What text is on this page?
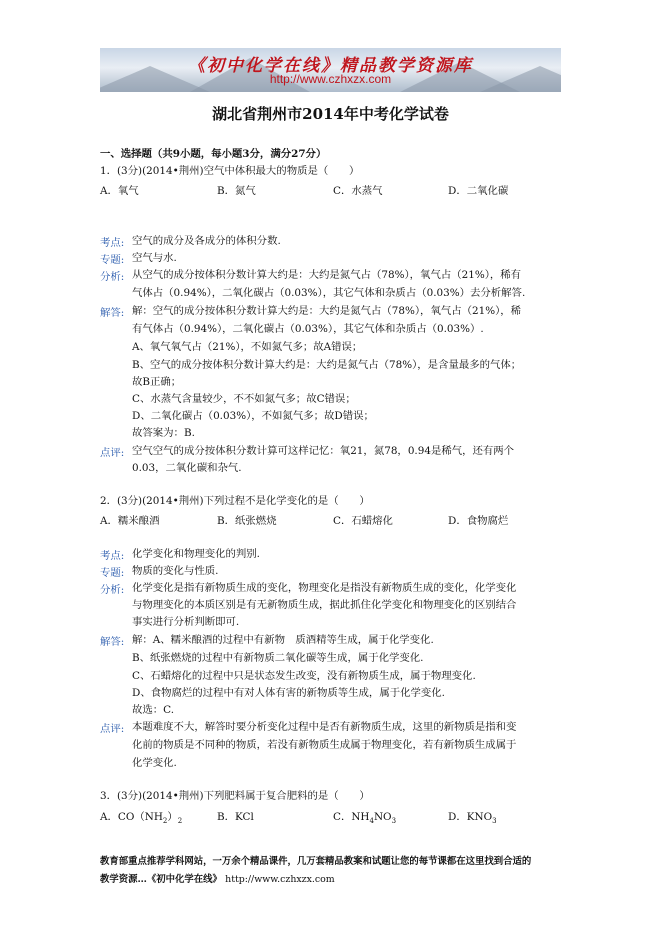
《初中化学在线》精品教学资源库
http://www.czhxzx.com
湖北省荆州市2014年中考化学试卷
一、选择题（共9小题，每小题3分，满分27分）
1．(3分)(2014•荆州)空气中体积最大的物质是（　　）
A．氧气	B．氮气	C．水蒸气	D．二氧化碳
考点: 空气的成分及各成分的体积分数.
专题: 空气与水.
分析: 从空气的成分按体积分数计算大约是：大约是氮气占（78%），氧气占（21%），稀有
气体占（0.94%），二氧化碳占（0.03%），其它气体和杂质占（0.03%）去分析解答.
解答: 解：空气的成分按体积分数计算大约是：大约是氮气占（78%），氧气占（21%），稀
有气体占（0.94%），二氧化碳占（0.03%），其它气体和杂质占（0.03%）.
A、氧气氧气占（21%），不如氮气多；故A错误；
B、空气的成分按体积分数计算大约是：大约是氮气占（78%），是含量最多的气体；
故B正确；
C、水蒸气含量较少，不不如氮气多；故C错误；
D、二氧化碳占（0.03%），不如氮气多；故D错误；
故答案为：B.
点评: 空气空气的成分按体积分数计算可这样记忆：氧21，氮78，0.94是稀气，还有两个
0.03，二氧化碳和杂气.
2．(3分)(2014•荆州)下列过程不是化学变化的是（　　）
A．糯米酿酒	B．纸张燃烧	C．石蜡熔化	D．食物腐烂
考点: 化学变化和物理变化的判别.
专题: 物质的变化与性质.
分析: 化学变化是指有新物质生成的变化，物理变化是指没有新物质生成的变化，化学变化
与物理变化的本质区别是有无新物质生成，据此抓住化学变化和物理变化的区别结合
事实进行分析判断即可.
解答: 解：A、糯米酿酒的过程中有新物　质酒精等生成，属于化学变化.
B、纸张燃烧的过程中有新物质二氧化碳等生成，属于化学变化.
C、石蜡熔化的过程中只是状态发生改变，没有新物质生成，属于物理变化.
D、食物腐烂的过程中有对人体有害的新物质等生成，属于化学变化.
故选：C.
点评: 本题难度不大，解答时要分析变化过程中是否有新物质生成，这里的新物质是指和变
化前的物质是不同种的物质，若没有新物质生成属于物理变化，若有新物质生成属于
化学变化.
3．(3分)(2014•荆州)下列肥料属于复合肥料的是（　　）
A．$CO(NH_2)_2$	B．KCl	C．$NH_4NO_3$	D．$KNO_3$
教育部重点推荐学科网站，一万余个精品课件，几万套精品教案和试题让您的每节课都在这里找到合适的
教学资源…《初中化学在线》 http://www.czhxzx.com
